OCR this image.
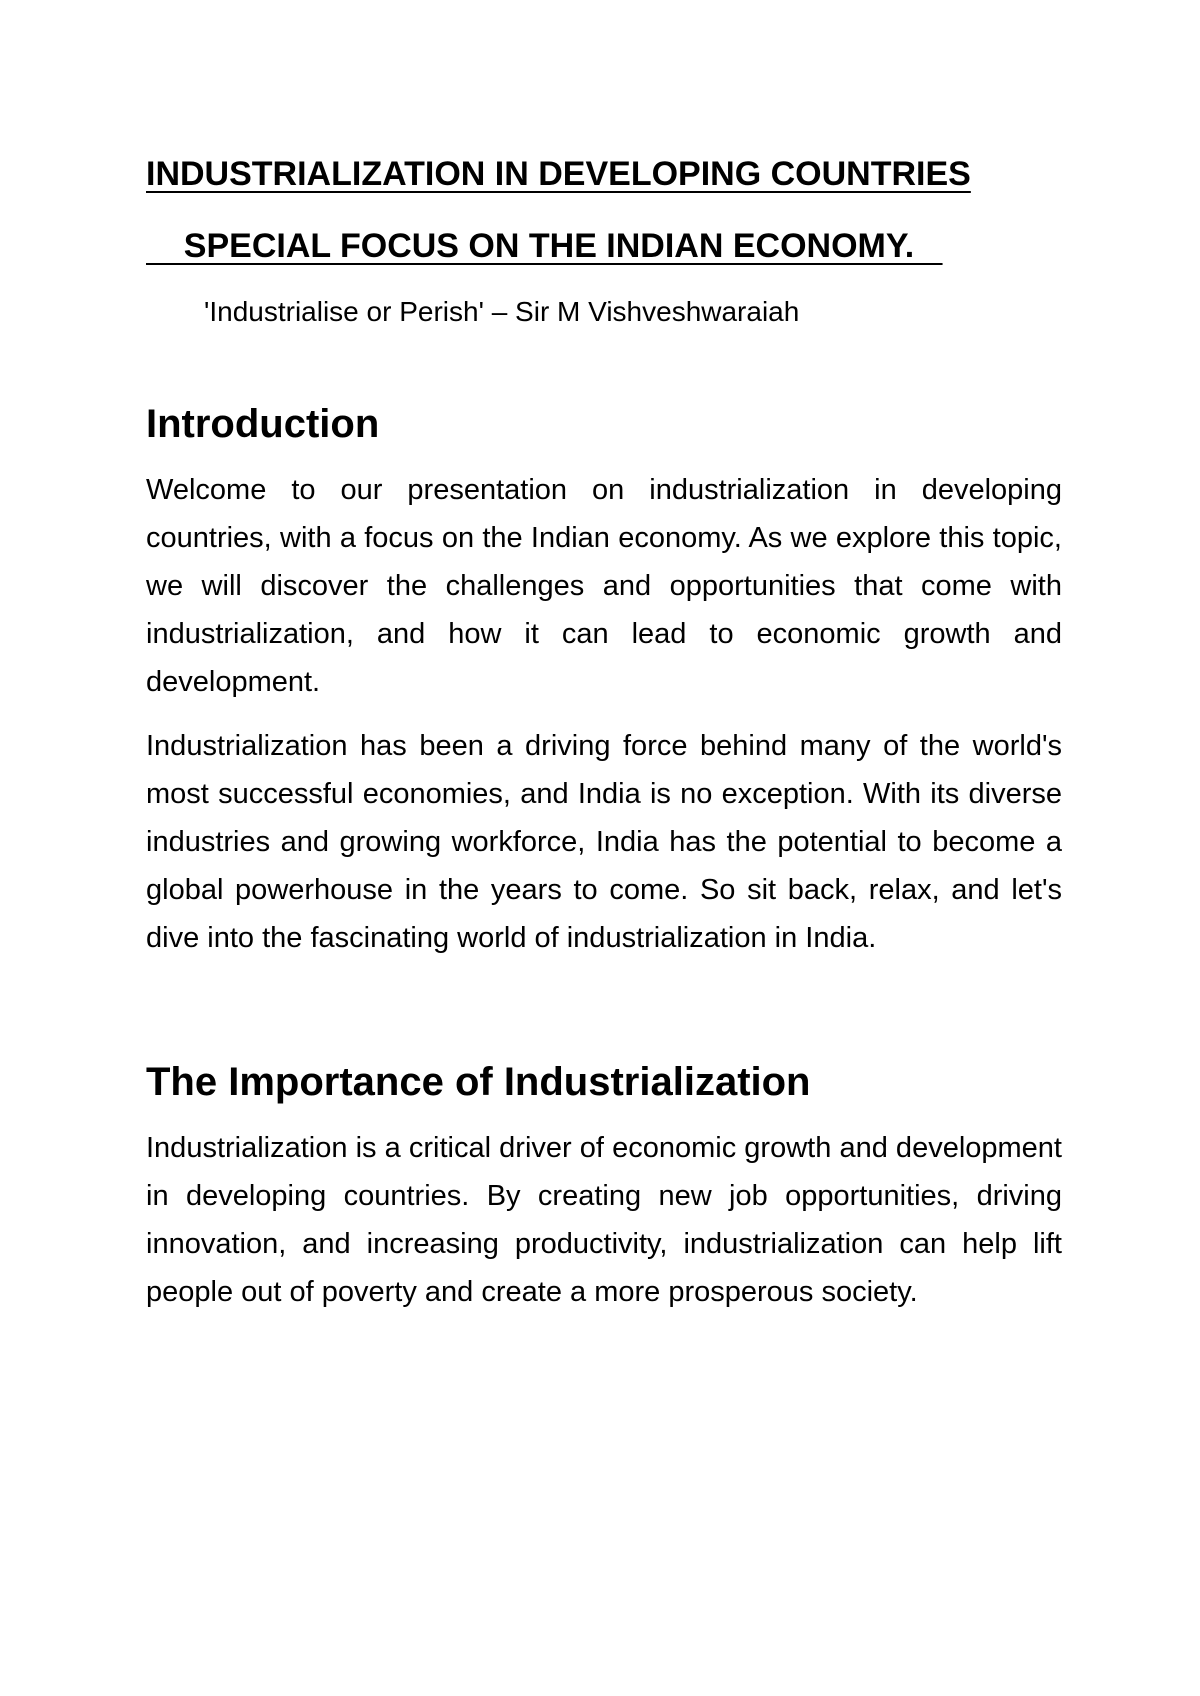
INDUSTRIALIZATION IN DEVELOPING COUNTRIES

SPECIAL FOCUS ON THE INDIAN ECONOMY.

'Industrialise or Perish' – Sir M Vishveshwaraiah

Introduction

Welcome to our presentation on industrialization in developing countries, with a focus on the Indian economy. As we explore this topic, we will discover the challenges and opportunities that come with industrialization, and how it can lead to economic growth and development.

Industrialization has been a driving force behind many of the world's most successful economies, and India is no exception. With its diverse industries and growing workforce, India has the potential to become a global powerhouse in the years to come. So sit back, relax, and let's dive into the fascinating world of industrialization in India.

The Importance of Industrialization

Industrialization is a critical driver of economic growth and development in developing countries. By creating new job opportunities, driving innovation, and increasing productivity, industrialization can help lift people out of poverty and create a more prosperous society.
